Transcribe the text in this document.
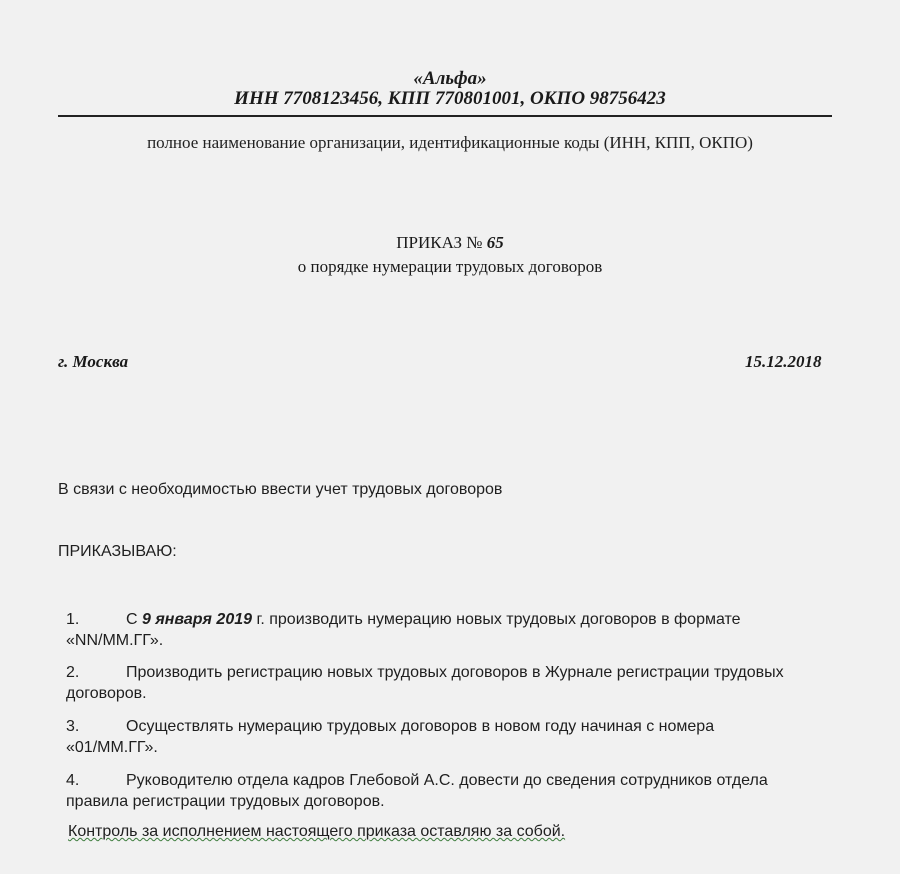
«Альфа»
ИНН 7708123456, КПП 770801001, ОКПО 98756423
полное наименование организации, идентификационные коды (ИНН, КПП, ОКПО)
ПРИКАЗ № 65
о порядке нумерации трудовых договоров
г. Москва	15.12.2018
В связи с необходимостью ввести учет трудовых договоров
ПРИКАЗЫВАЮ:
1.	С 9 января 2019 г. производить нумерацию новых трудовых договоров в формате
«NN/ММ.ГГ».
2.	Производить регистрацию новых трудовых договоров в Журнале регистрации трудовых
договоров.
3.	Осуществлять нумерацию трудовых договоров в новом году начиная с номера
«01/ММ.ГГ».
4.	Руководителю отдела кадров Глебовой А.С. довести до сведения сотрудников отдела
правила регистрации трудовых договоров.
Контроль за исполнением настоящего приказа оставляю за собой.
